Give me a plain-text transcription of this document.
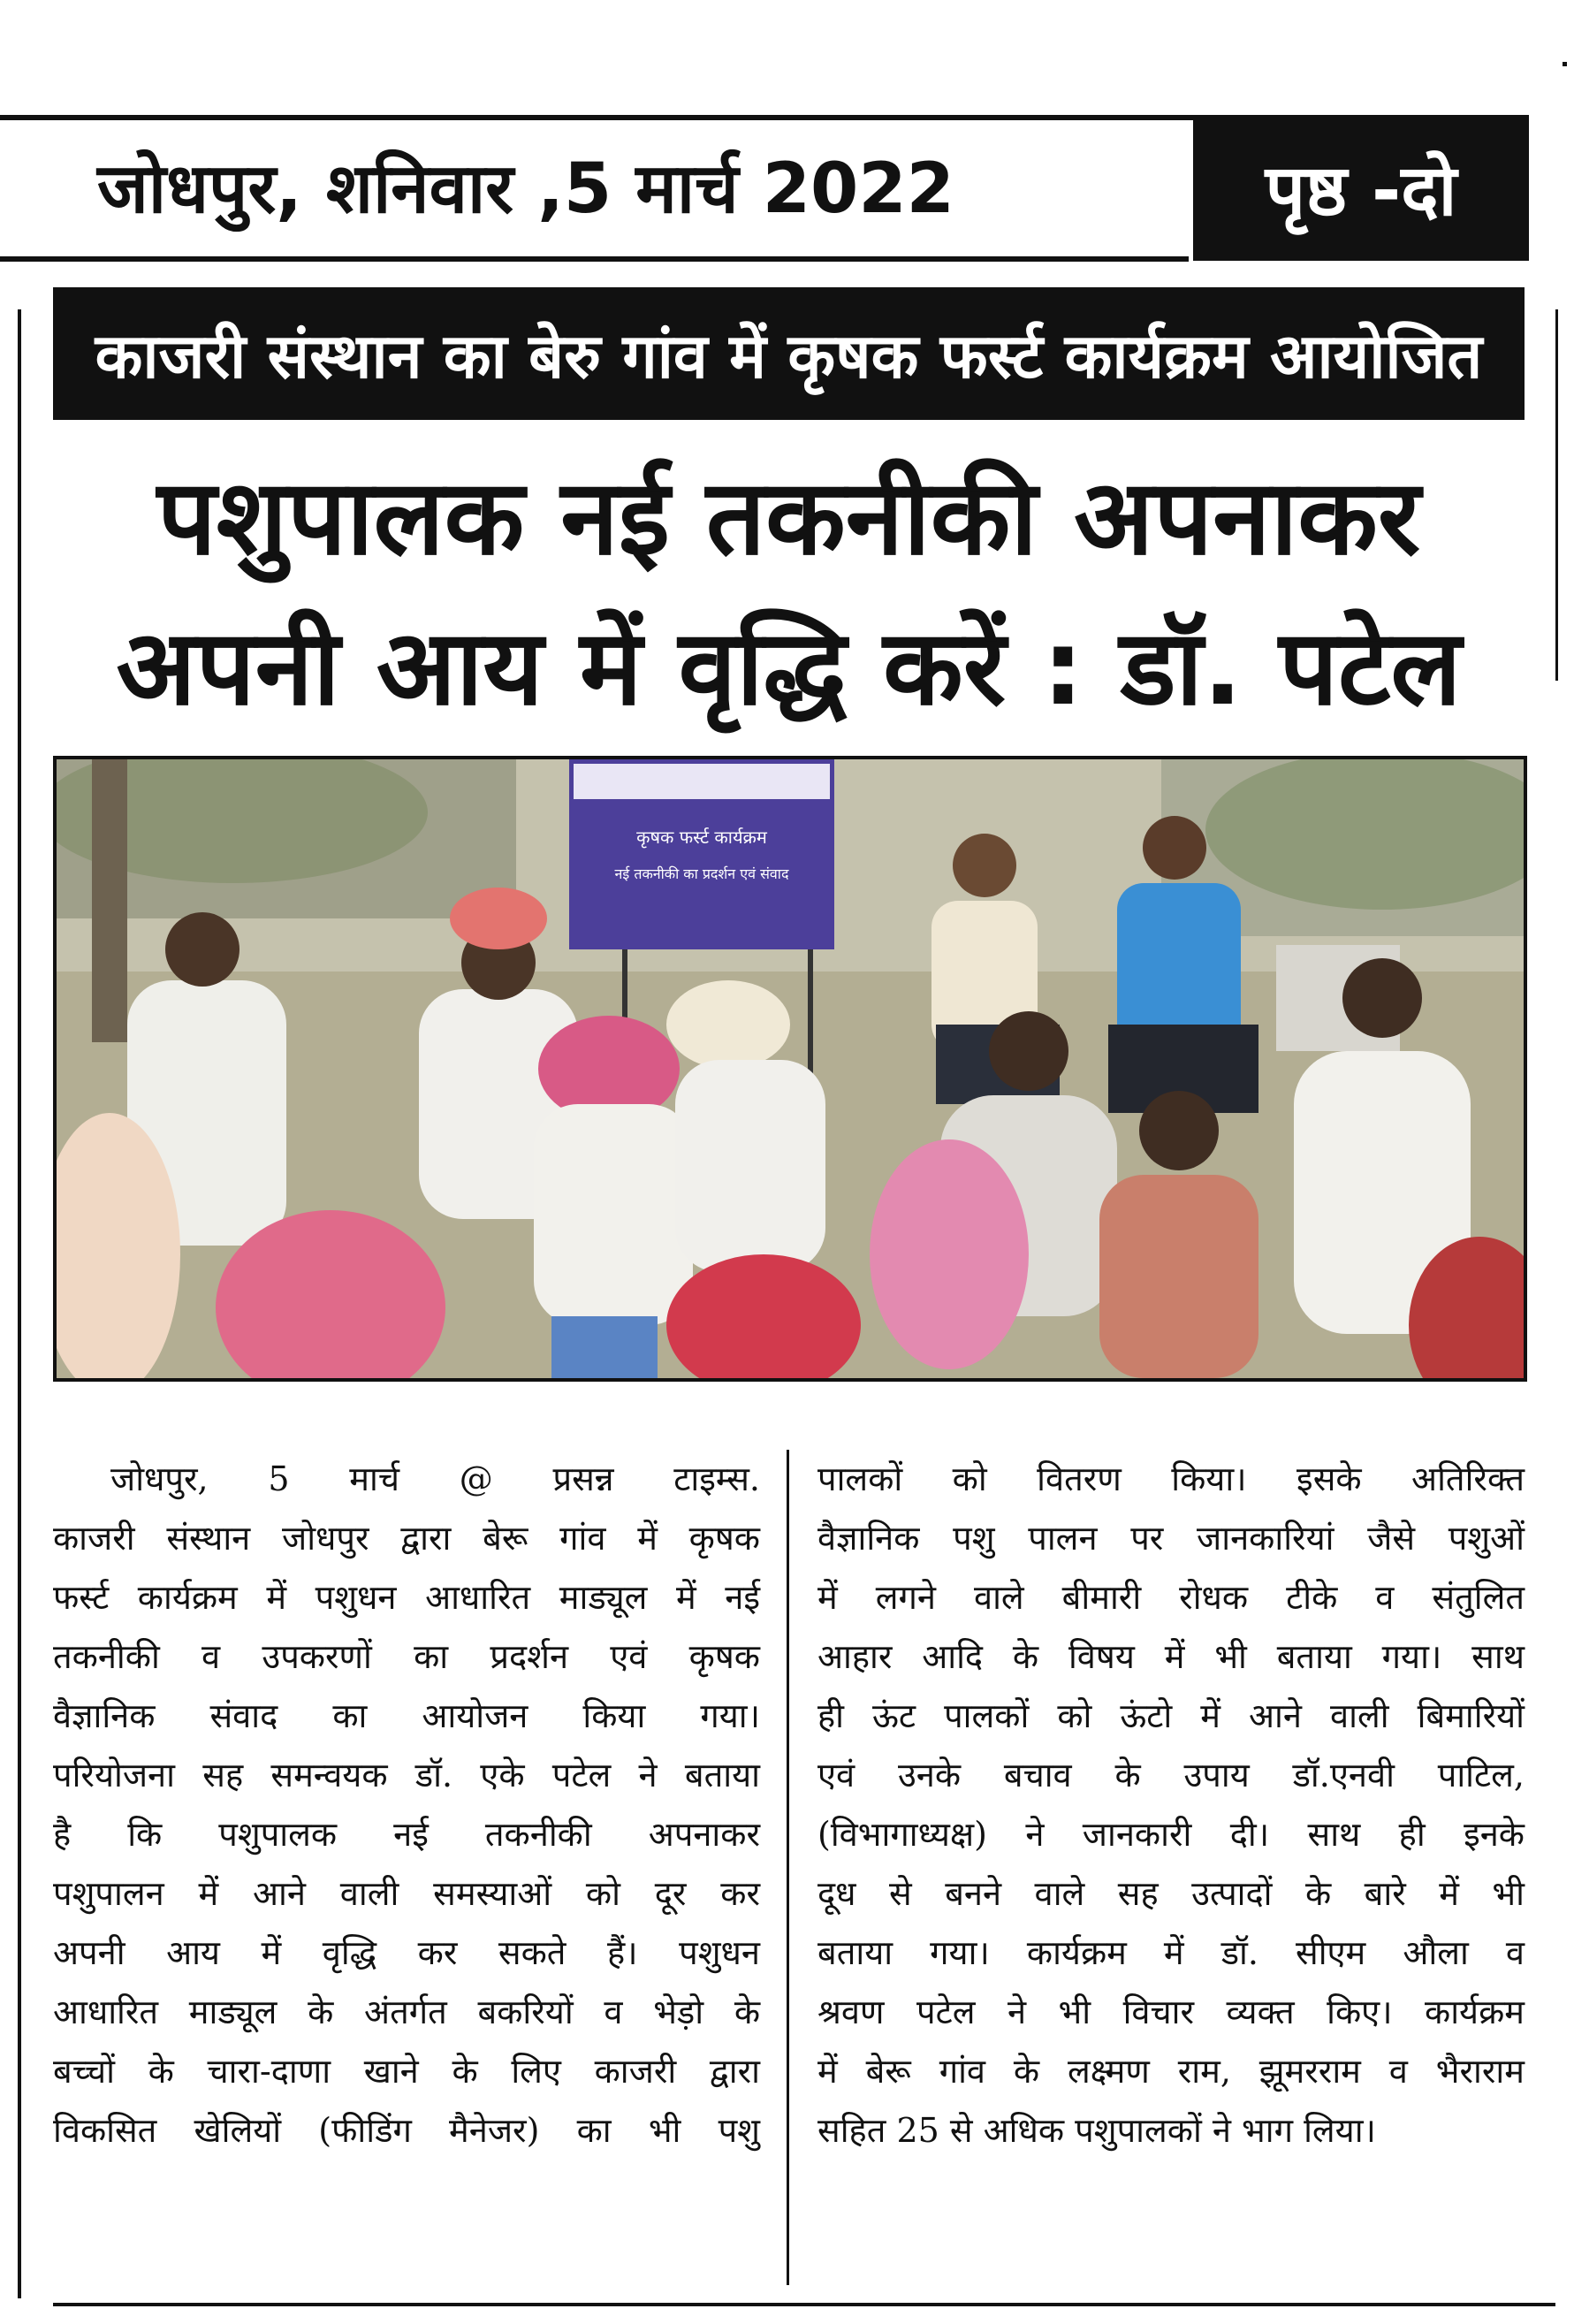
जोधपुर, शनिवार ,5 मार्च 2022	पृष्ठ -दो
काजरी संस्थान का बेरु गांव में कृषक फर्स्ट कार्यक्रम आयोजित
पशुपालक नई तकनीकी अपनाकर
अपनी आय में वृद्धि करें : डॉ. पटेल
कृषक फर्स्ट कार्यक्रम
नई तकनीकी का प्रदर्शन एवं संवाद

जोधपुर, 5 मार्च @ प्रसन्न टाइम्स.

काजरी संस्थान जोधपुर द्वारा बेरू गांव में कृषक

फर्स्ट कार्यक्रम में पशुधन आधारित माड्यूल में नई

तकनीकी व उपकरणों का प्रदर्शन एवं कृषक

वैज्ञानिक संवाद का आयोजन किया गया।

परियोजना सह समन्वयक डॉ. एके पटेल ने बताया

है कि पशुपालक नई तकनीकी अपनाकर

पशुपालन में आने वाली समस्याओं को दूर कर

अपनी आय में वृद्धि कर सकते हैं। पशुधन

आधारित माड्यूल के अंतर्गत बकरियों व भेड़ो के

बच्चों के चारा-दाणा खाने के लिए काजरी द्वारा

विकसित खेलियों (फीडिंग मैनेजर) का भी पशु

पालकों को वितरण किया। इसके अतिरिक्त

वैज्ञानिक पशु पालन पर जानकारियां जैसे पशुओं

में लगने वाले बीमारी रोधक टीके व संतुलित

आहार आदि के विषय में भी बताया गया। साथ

ही ऊंट पालकों को ऊंटो में आने वाली बिमारियों

एवं उनके बचाव के उपाय डॉ.एनवी पाटिल,

(विभागाध्यक्ष) ने जानकारी दी। साथ ही इनके

दूध से बनने वाले सह उत्पादों के बारे में भी

बताया गया। कार्यक्रम में डॉ. सीएम औला व

श्रवण पटेल ने भी विचार व्यक्त किए। कार्यक्रम

में बेरू गांव के लक्ष्मण राम, झूमरराम व भैराराम

सहित 25 से अधिक पशुपालकों ने भाग लिया।
